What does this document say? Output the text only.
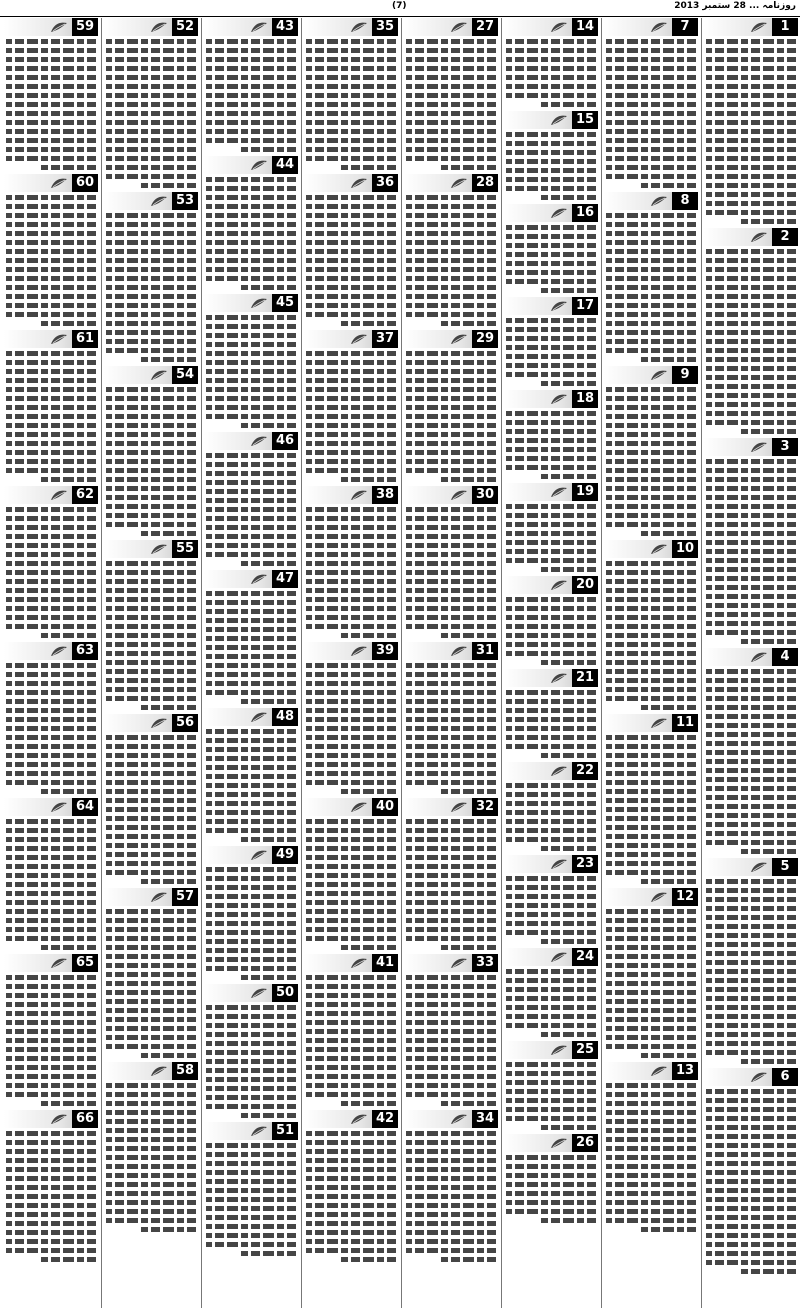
(7)	روزنامہ ... 28 ستمبر 2013
1
2
3
4
5
6
7
8
9
10
11
12
13
14
15
16
17
18
19
20
21
22
23
24
25
26
27
28
29
30
31
32
33
34
35
36
37
38
39
40
41
42
43
44
45
46
47
48
49
50
51
52
53
54
55
56
57
58
59
60
61
62
63
64
65
66
